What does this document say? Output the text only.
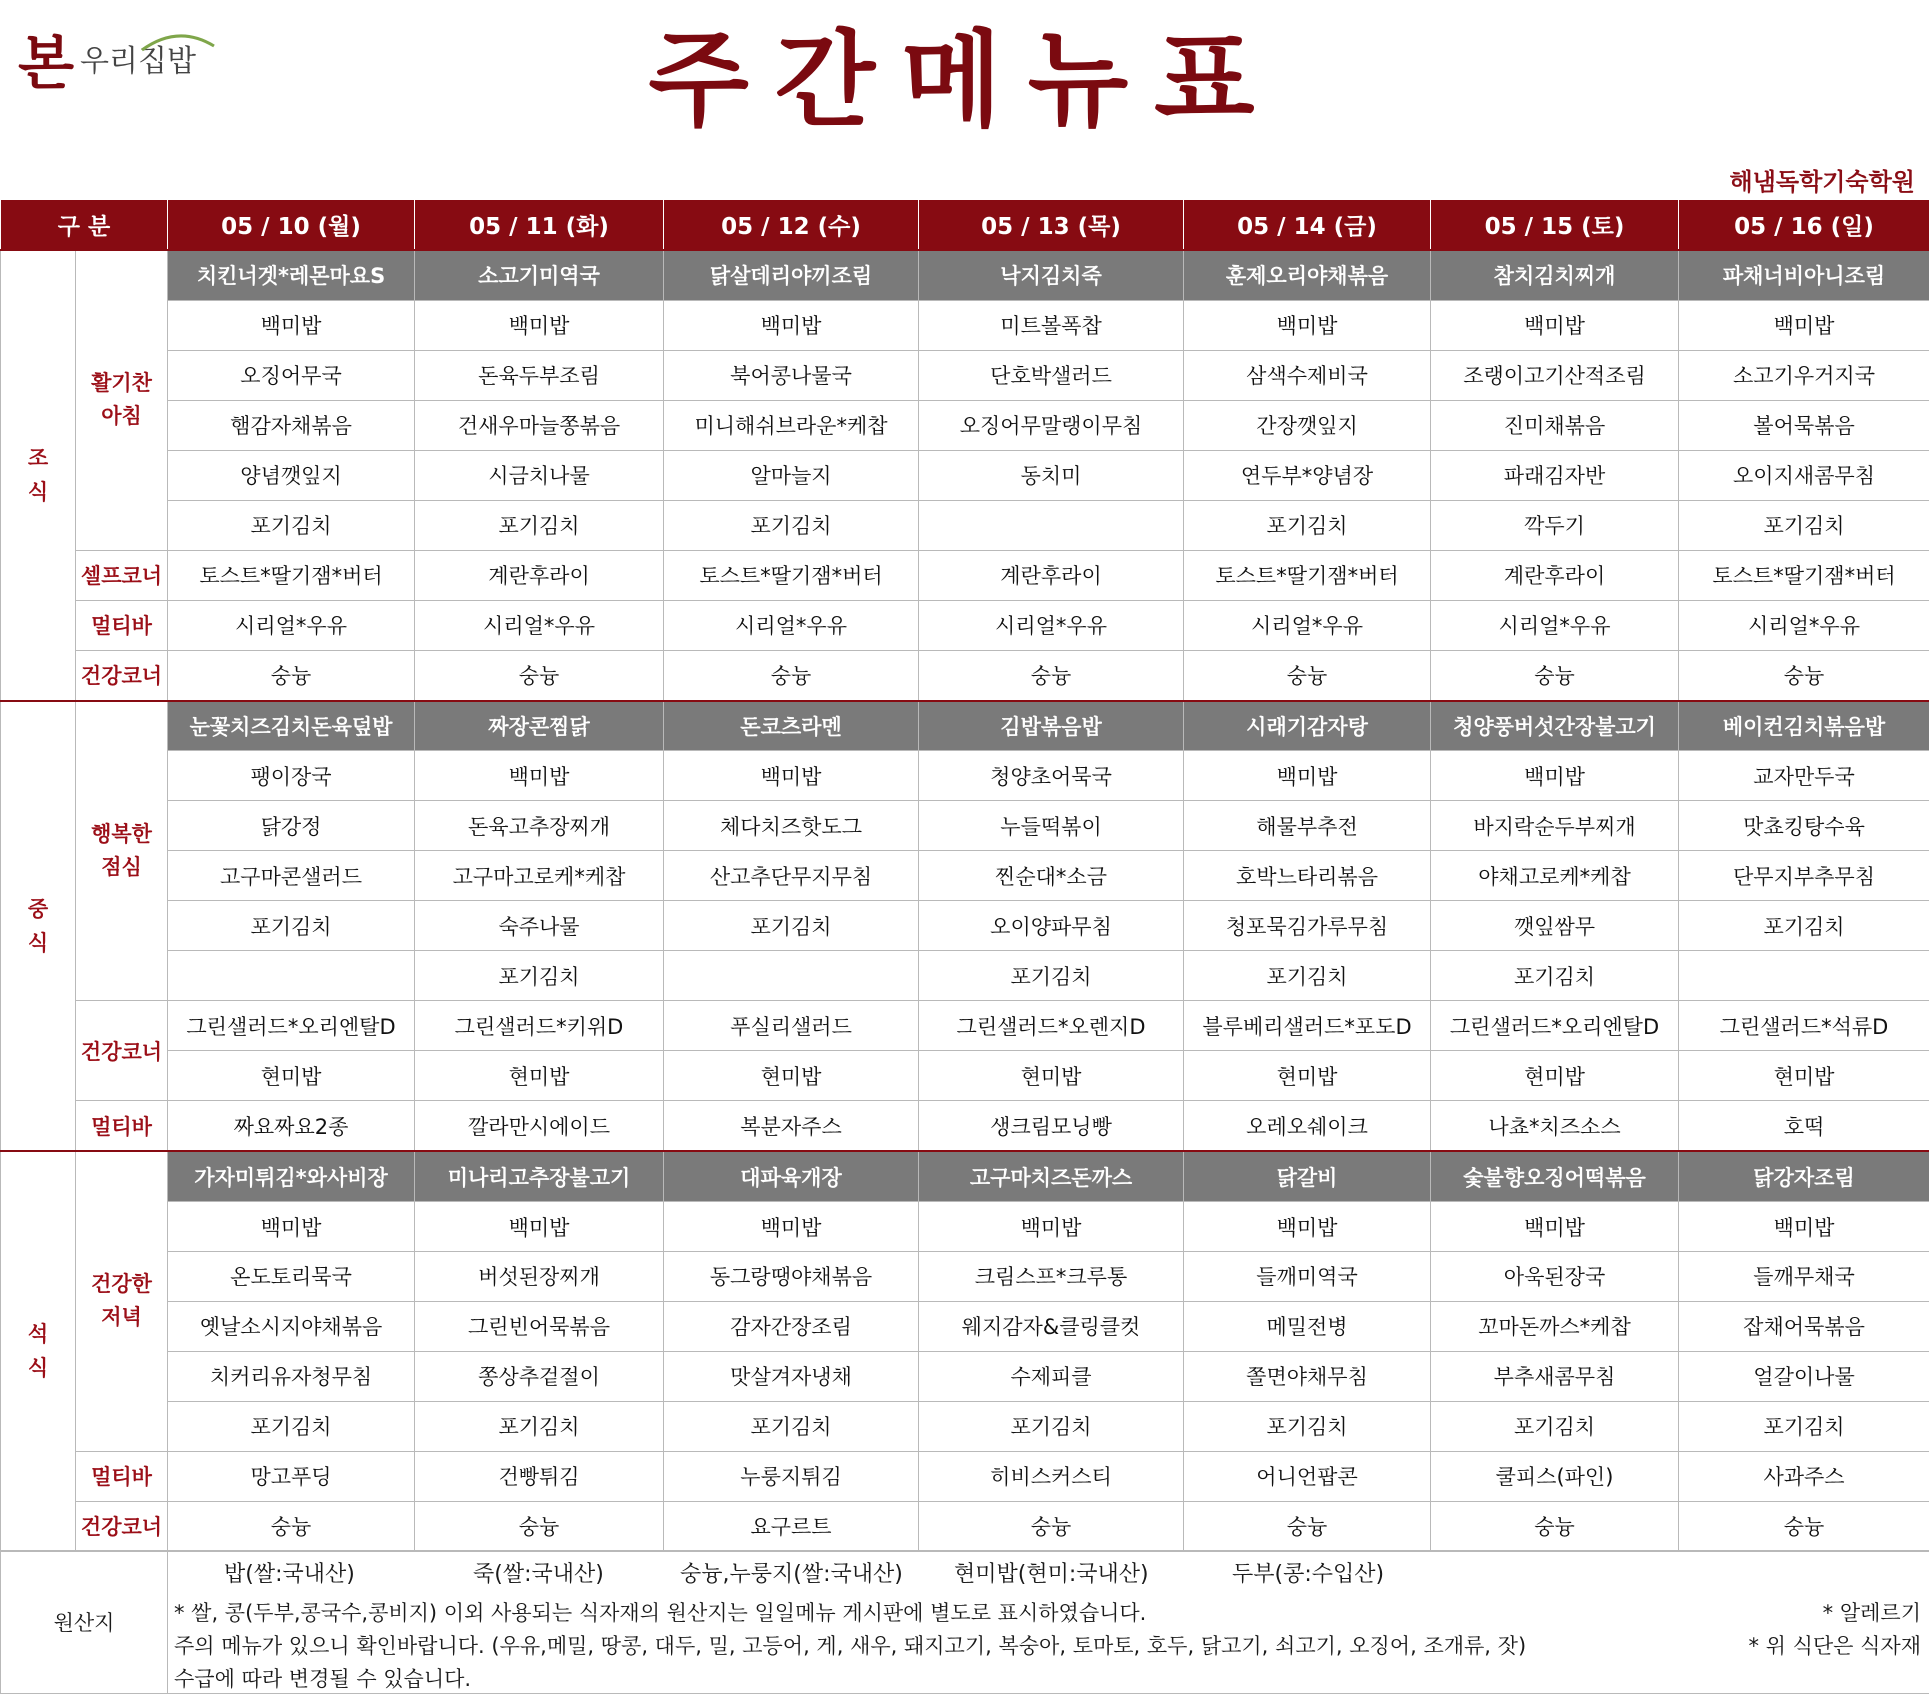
본 우리집밥	주간메뉴표
해냄독학기숙학원
구 분		05 / 10 (월)	05 / 11 (화)	05 / 12 (수)	05 / 13 (목)	05 / 14 (금)	05 / 15 (토)	05 / 16 (일)
조식	활기찬 아침	치킨너겟*레몬마요S	소고기미역국	닭살데리야끼조림	낙지김치죽	훈제오리야채볶음	참치김치찌개	파채너비아니조림
		백미밥	백미밥	백미밥	미트볼폭찹	백미밥	백미밥	백미밥
		오징어무국	돈육두부조림	북어콩나물국	단호박샐러드	삼색수제비국	조랭이고기산적조림	소고기우거지국
		햄감자채볶음	건새우마늘쫑볶음	미니해쉬브라운*케찹	오징어무말랭이무침	간장깻잎지	진미채볶음	볼어묵볶음
		양념깻잎지	시금치나물	알마늘지	동치미	연두부*양념장	파래김자반	오이지새콤무침
		포기김치	포기김치	포기김치		포기김치	깍두기	포기김치
	셀프코너	토스트*딸기잼*버터	계란후라이	토스트*딸기잼*버터	계란후라이	토스트*딸기잼*버터	계란후라이	토스트*딸기잼*버터
	멀티바	시리얼*우유	시리얼*우유	시리얼*우유	시리얼*우유	시리얼*우유	시리얼*우유	시리얼*우유
	건강코너	숭늉	숭늉	숭늉	숭늉	숭늉	숭늉	숭늉
중식	행복한 점심	눈꽃치즈김치돈육덮밥	짜장콘찜닭	돈코츠라멘	김밥볶음밥	시래기감자탕	청양풍버섯간장불고기	베이컨김치볶음밥
		팽이장국	백미밥	백미밥	청양초어묵국	백미밥	백미밥	교자만두국
		닭강정	돈육고추장찌개	체다치즈핫도그	누들떡볶이	해물부추전	바지락순두부찌개	맛쵸킹탕수육
		고구마콘샐러드	고구마고로케*케찹	산고추단무지무침	찐순대*소금	호박느타리볶음	야채고로케*케찹	단무지부추무침
		포기김치	숙주나물	포기김치	오이양파무침	청포묵김가루무침	깻잎쌈무	포기김치
			포기김치		포기김치	포기김치	포기김치	
	건강코너	그린샐러드*오리엔탈D	그린샐러드*키위D	푸실리샐러드	그린샐러드*오렌지D	블루베리샐러드*포도D	그린샐러드*오리엔탈D	그린샐러드*석류D
		현미밥	현미밥	현미밥	현미밥	현미밥	현미밥	현미밥
	멀티바	짜요짜요2종	깔라만시에이드	복분자주스	생크림모닝빵	오레오쉐이크	나쵸*치즈소스	호떡
석식	건강한 저녁	가자미튀김*와사비장	미나리고추장불고기	대파육개장	고구마치즈돈까스	닭갈비	숯불향오징어떡볶음	닭강자조림
		백미밥	백미밥	백미밥	백미밥	백미밥	백미밥	백미밥
		온도토리묵국	버섯된장찌개	동그랑땡야채볶음	크림스프*크루통	들깨미역국	아욱된장국	들깨무채국
		옛날소시지야채볶음	그린빈어묵볶음	감자간장조림	웨지감자&클링클컷	메밀전병	꼬마돈까스*케찹	잡채어묵볶음
		치커리유자청무침	쫑상추겉절이	맛살겨자냉채	수제피클	쫄면야채무침	부추새콤무침	얼갈이나물
		포기김치	포기김치	포기김치	포기김치	포기김치	포기김치	포기김치
	멀티바	망고푸딩	건빵튀김	누룽지튀김	히비스커스티	어니언팝콘	쿨피스(파인)	사과주스
	건강코너	숭늉	숭늉	요구르트	숭늉	숭늉	숭늉	숭늉
원산지	
밥(쌀:국내산)	죽(쌀:국내산)	숭늉,누룽지(쌀:국내산) 현미밥(현미:국내산)	두부(콩:수입산)
* 쌀, 콩(두부,콩국수,콩비지) 이외 사용되는 식자재의 원산지는 일일메뉴 게시판에 별도로 표시하였습니다.
주의 메뉴가 있으니 확인바랍니다. (우유,메밀, 땅콩, 대두, 밀, 고등어, 게, 새우, 돼지고기, 복숭아, 토마토, 호두, 닭고기, 쇠고기, 오징어, 조개류, 잣)
수급에 따라 변경될 수 있습니다.
* 알레르기
* 위 식단은 식자재
